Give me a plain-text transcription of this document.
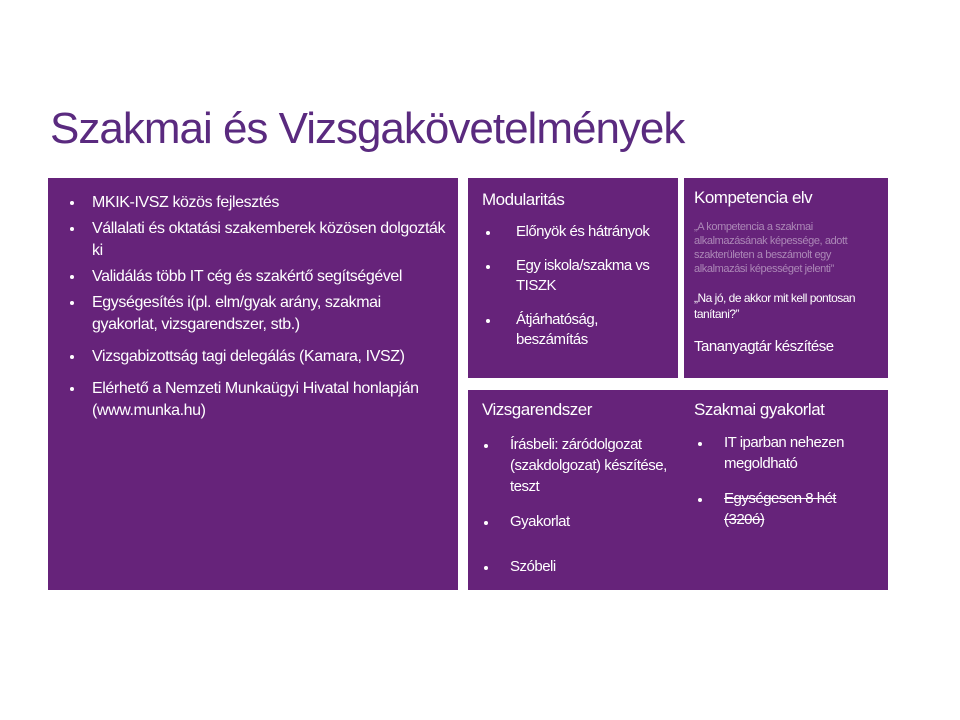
Szakmai és Vizsgakövetelmények
MKIK-IVSZ közös fejlesztés
Vállalati és oktatási szakemberek közösen dolgozták ki
Validálás több IT cég és szakértő segítségével
Egységesítés i(pl. elm/gyak arány, szakmai gyakorlat, vizsgarendszer, stb.)
Vizsgabizottság tagi delegálás (Kamara, IVSZ)
Elérhető a Nemzeti Munkaügyi Hivatal honlapján (www.munka.hu)
Modularitás
Előnyök és hátrányok
Egy iskola/szakma vs TISZK
Átjárhatóság, beszámítás
Kompetencia elv
„A kompetencia a szakmai alkalmazásának képessége, adott szakterületen a beszámolt egy alkalmazási képességet jelenti”
„Na jó, de akkor mit kell pontosan tanítani?”
Tananyagtár készítése
Vizsgarendszer
Írásbeli: záródolgozat (szakdolgozat) készítése, teszt
Gyakorlat
Szóbeli
Szakmai gyakorlat
IT iparban nehezen megoldható
Egységesen 8 hét (320ó)
